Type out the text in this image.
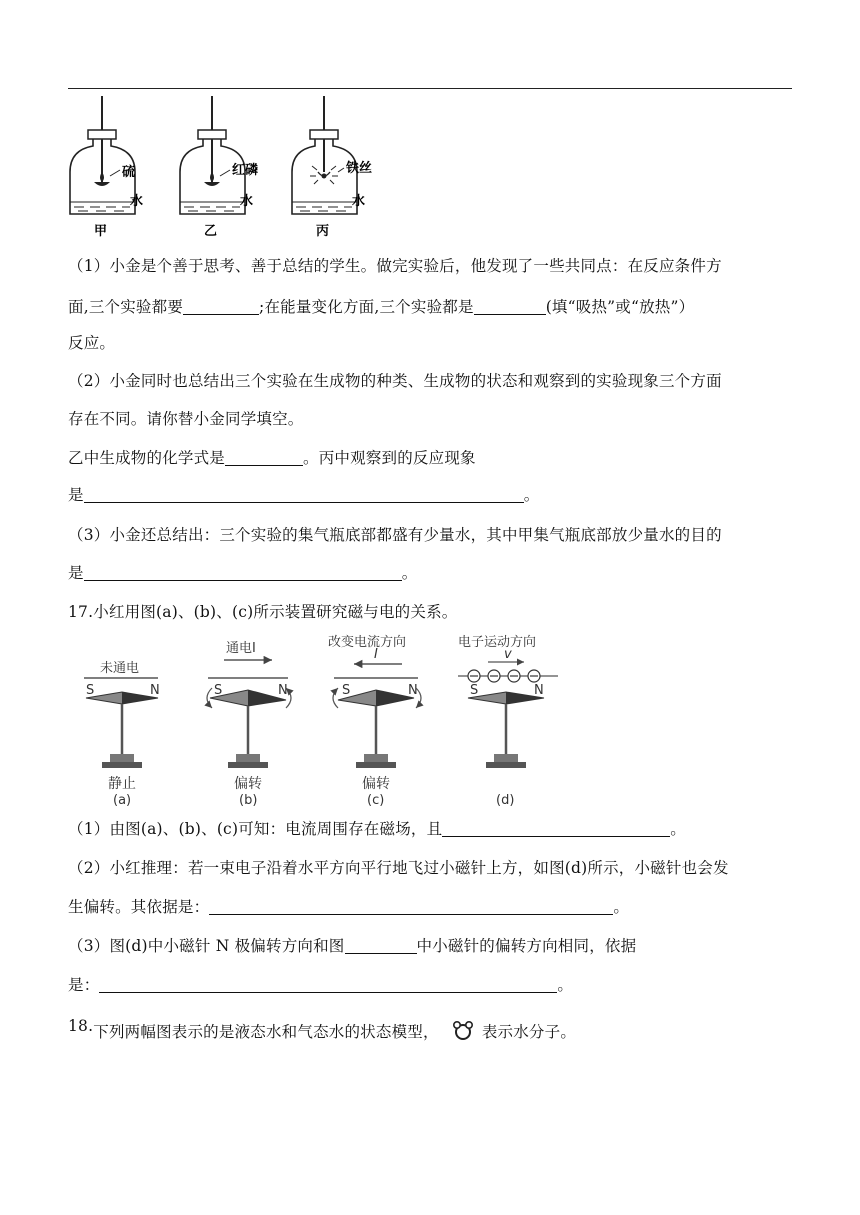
硫
水
甲
红磷
水
乙
铁丝
水
丙
（1）小金是个善于思考、善于总结的学生。做完实验后，他发现了一些共同点：在反应条件方
面,三个实验都要	;在能量变化方面,三个实验都是	(填“吸热”或“放热”）
反应。
（2）小金同时也总结出三个实验在生成物的种类、生成物的状态和观察到的实验现象三个方面
存在不同。请你替小金同学填空。
乙中生成物的化学式是	。丙中观察到的反应现象
是	。
（3）小金还总结出：三个实验的集气瓶底部都盛有少量水，其中甲集气瓶底部放少量水的目的
是	。
17.小红用图(a)、(b)、(c)所示装置研究磁与电的关系。
未通电
S	N
静止
(a)
通电I
S	N
偏转
(b)
改变电流方向
I
S	N
偏转
(c)
电子运动方向
v
S	N
(d)
（1）由图(a)、(b)、(c)可知：电流周围存在磁场，且	。
（2）小红推理：若一束电子沿着水平方向平行地飞过小磁针上方，如图(d)所示，小磁针也会发
生偏转。其依据是：	。
（3）图(d)中小磁针 N 极偏转方向和图	中小磁针的偏转方向相同，依据
是：	。
18.下列两幅图表示的是液态水和气态水的状态模型，	表示水分子。
